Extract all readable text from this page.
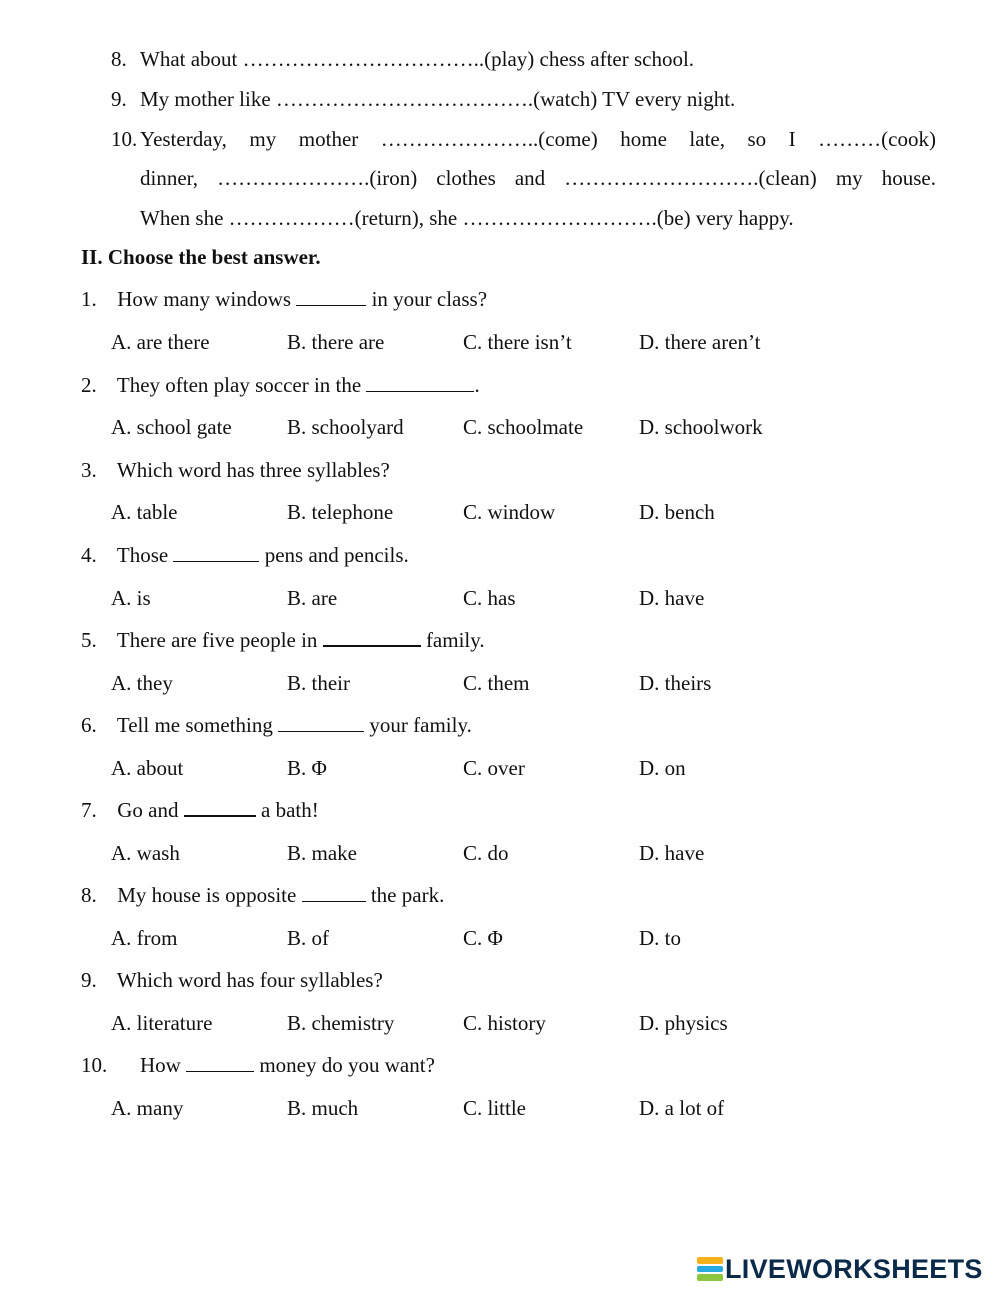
8. What about ……………………………..(play) chess after school.
9. My mother like ……………………………….(watch) TV every night.
10. Yesterday, my mother …………………..(come) home late, so I ………(cook)
dinner, ………………….(iron) clothes and ……………………….(clean) my house.
When she ………………(return), she ……………………….(be) very happy.
II. Choose the best answer.
1. How many windows	in your class?
A. are there	B. there are	C. there isn’t	D. there aren’t
2. They often play soccer in the	.
A. school gate	B. schoolyard	C. schoolmate	D. schoolwork
3. Which word has three syllables?
A. table	B. telephone	C. window	D. bench
4. Those	pens and pencils.
A. is	B. are	C. has	D. have
5. There are five people in	family.
A. they	B. their	C. them	D. theirs
6. Tell me something	your family.
A. about	B. Φ	C. over	D. on
7. Go and	a bath!
A. wash	B. make	C. do	D. have
8. My house is opposite	the park.
A. from	B. of	C. Φ	D. to
9. Which word has four syllables?
A. literature	B. chemistry	C. history	D. physics
10. How	money do you want?
A. many	B. much	C. little	D. a lot of
LIVEWORKSHEETS
